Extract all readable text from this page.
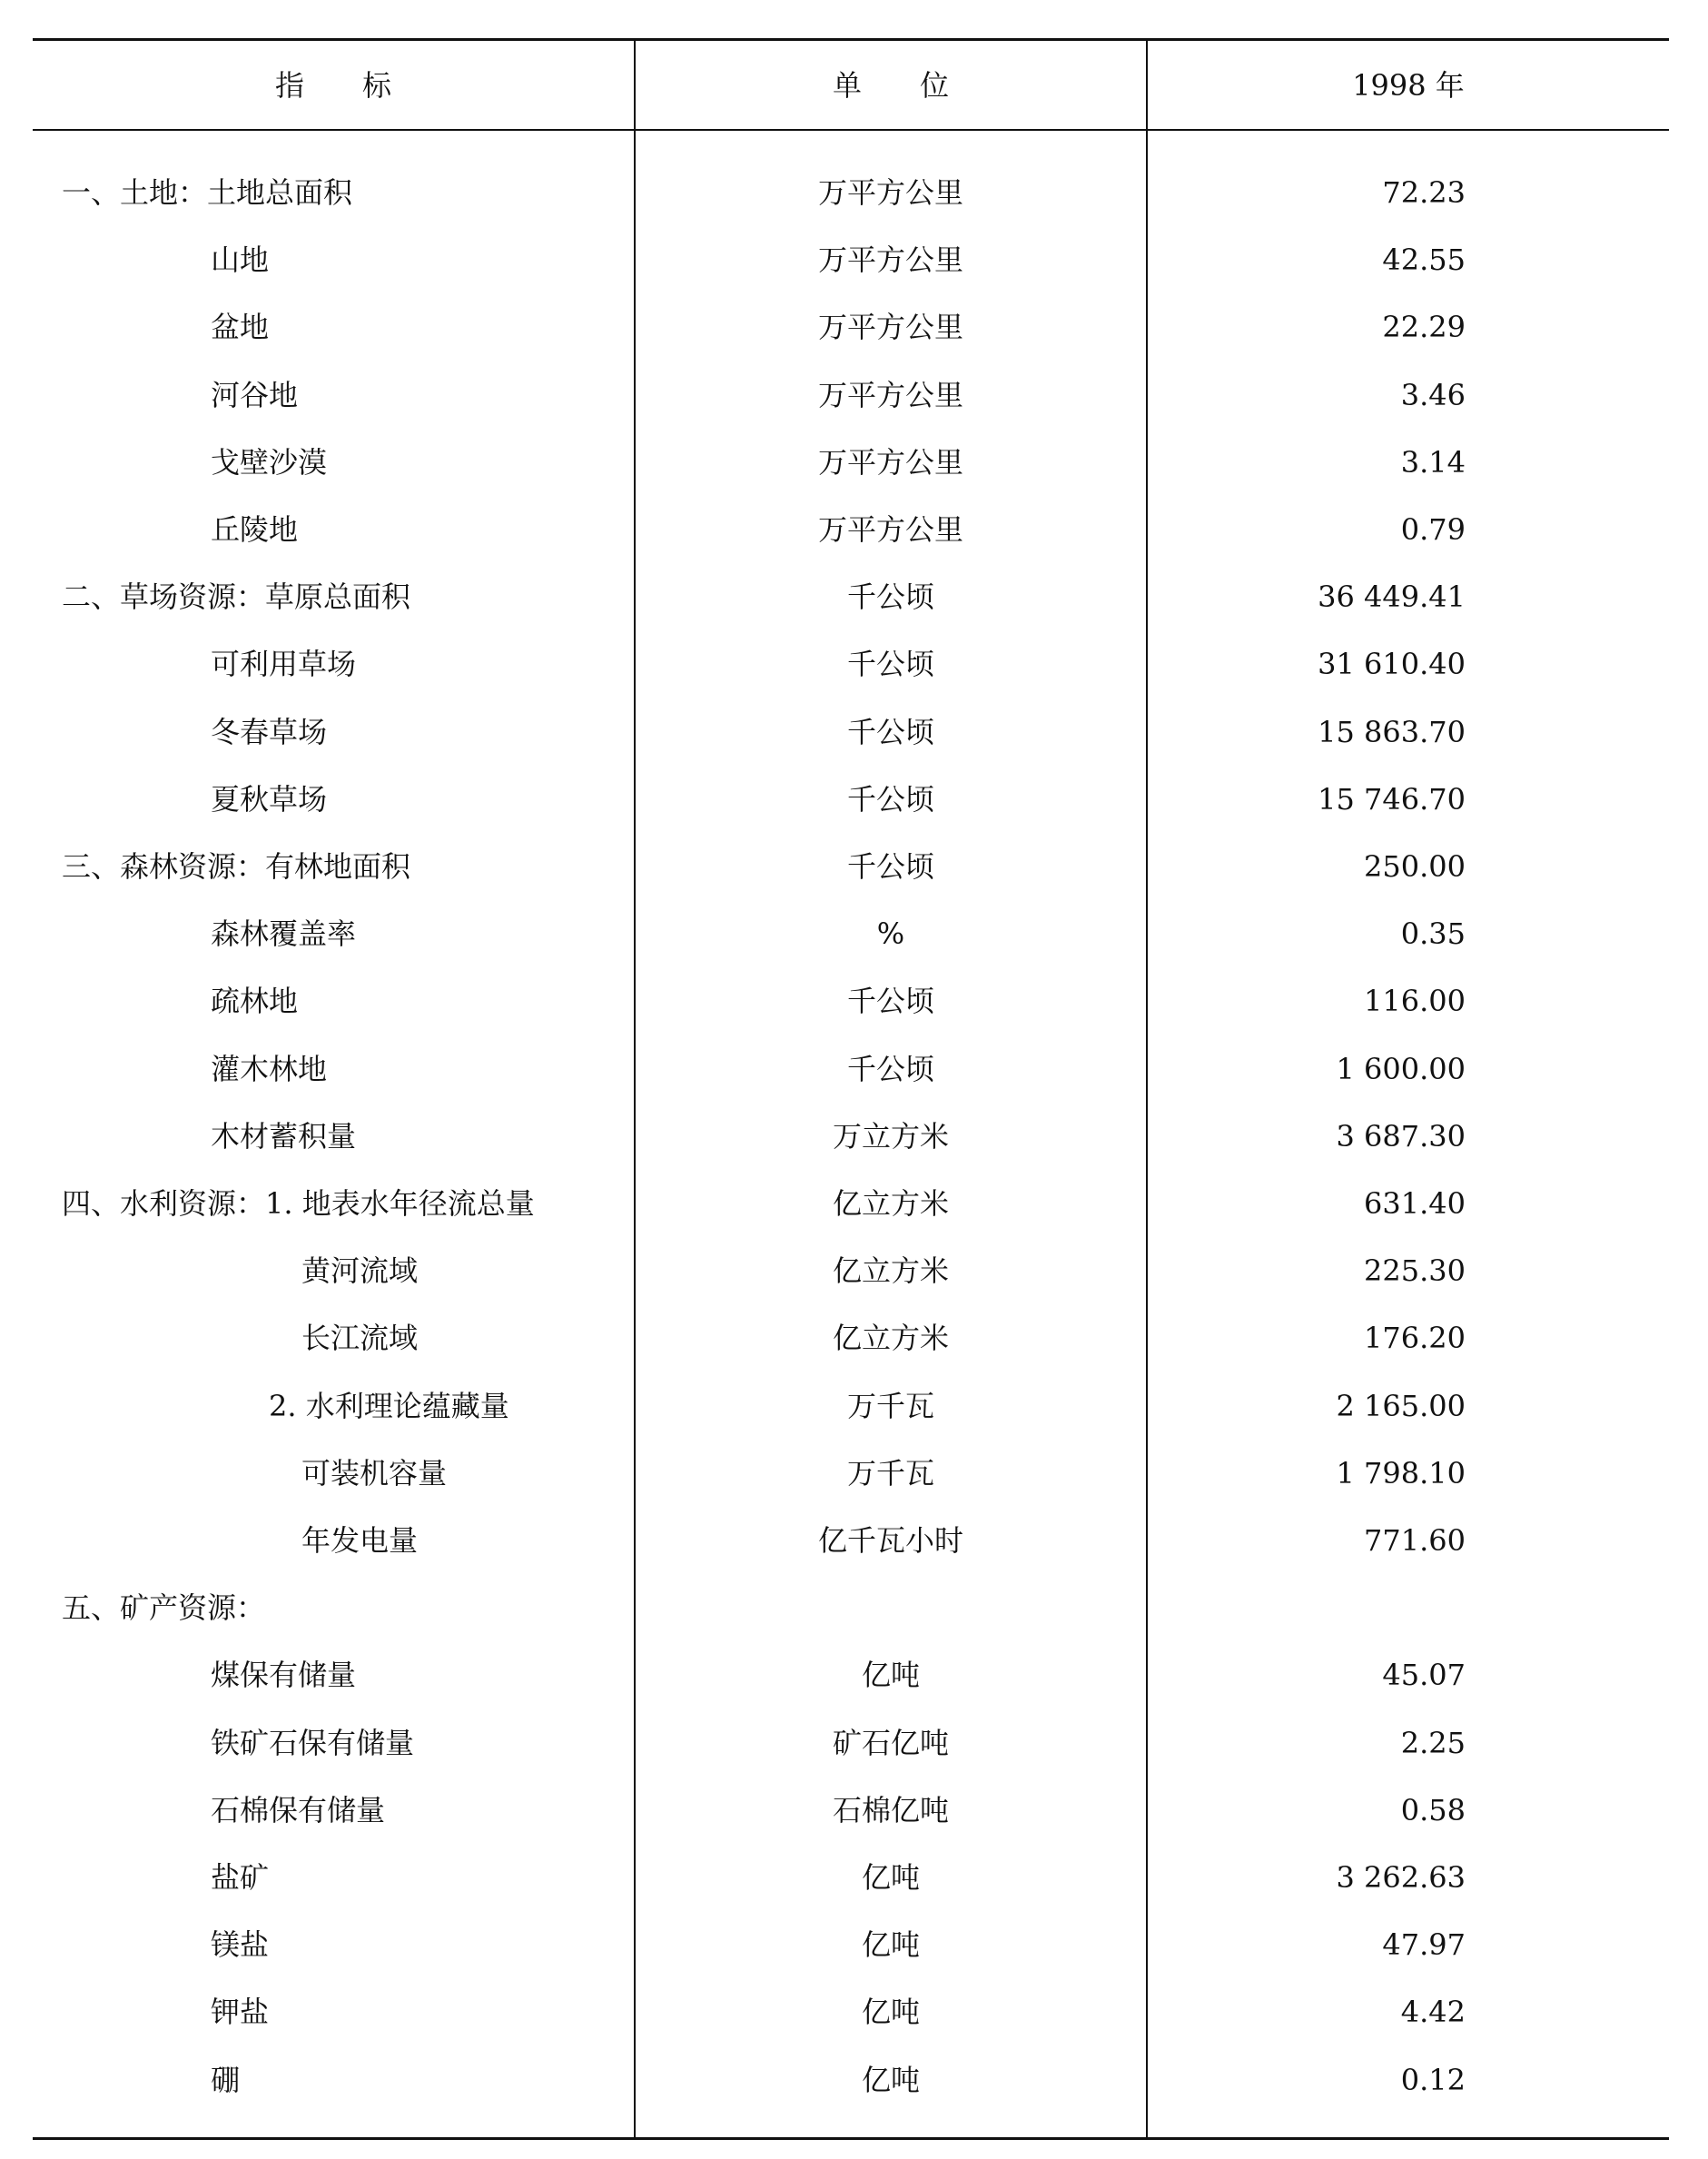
指　　标	单　　位	1998 年
一、土地：土地总面积	万平方公里	72.23
山地	万平方公里	42.55
盆地	万平方公里	22.29
河谷地	万平方公里	3.46
戈壁沙漠	万平方公里	3.14
丘陵地	万平方公里	0.79
二、草场资源：草原总面积	千公顷	36 449.41
可利用草场	千公顷	31 610.40
冬春草场	千公顷	15 863.70
夏秋草场	千公顷	15 746.70
三、森林资源：有林地面积	千公顷	250.00
森林覆盖率	%	0.35
疏林地	千公顷	116.00
灌木林地	千公顷	1 600.00
木材蓄积量	万立方米	3 687.30
四、水利资源：1. 地表水年径流总量	亿立方米	631.40
黄河流域	亿立方米	225.30
长江流域	亿立方米	176.20
2. 水利理论蕴藏量	万千瓦	2 165.00
可装机容量	万千瓦	1 798.10
年发电量	亿千瓦小时	771.60
五、矿产资源：
煤保有储量	亿吨	45.07
铁矿石保有储量	矿石亿吨	2.25
石棉保有储量	石棉亿吨	0.58
盐矿	亿吨	3 262.63
镁盐	亿吨	47.97
钾盐	亿吨	4.42
硼	亿吨	0.12
